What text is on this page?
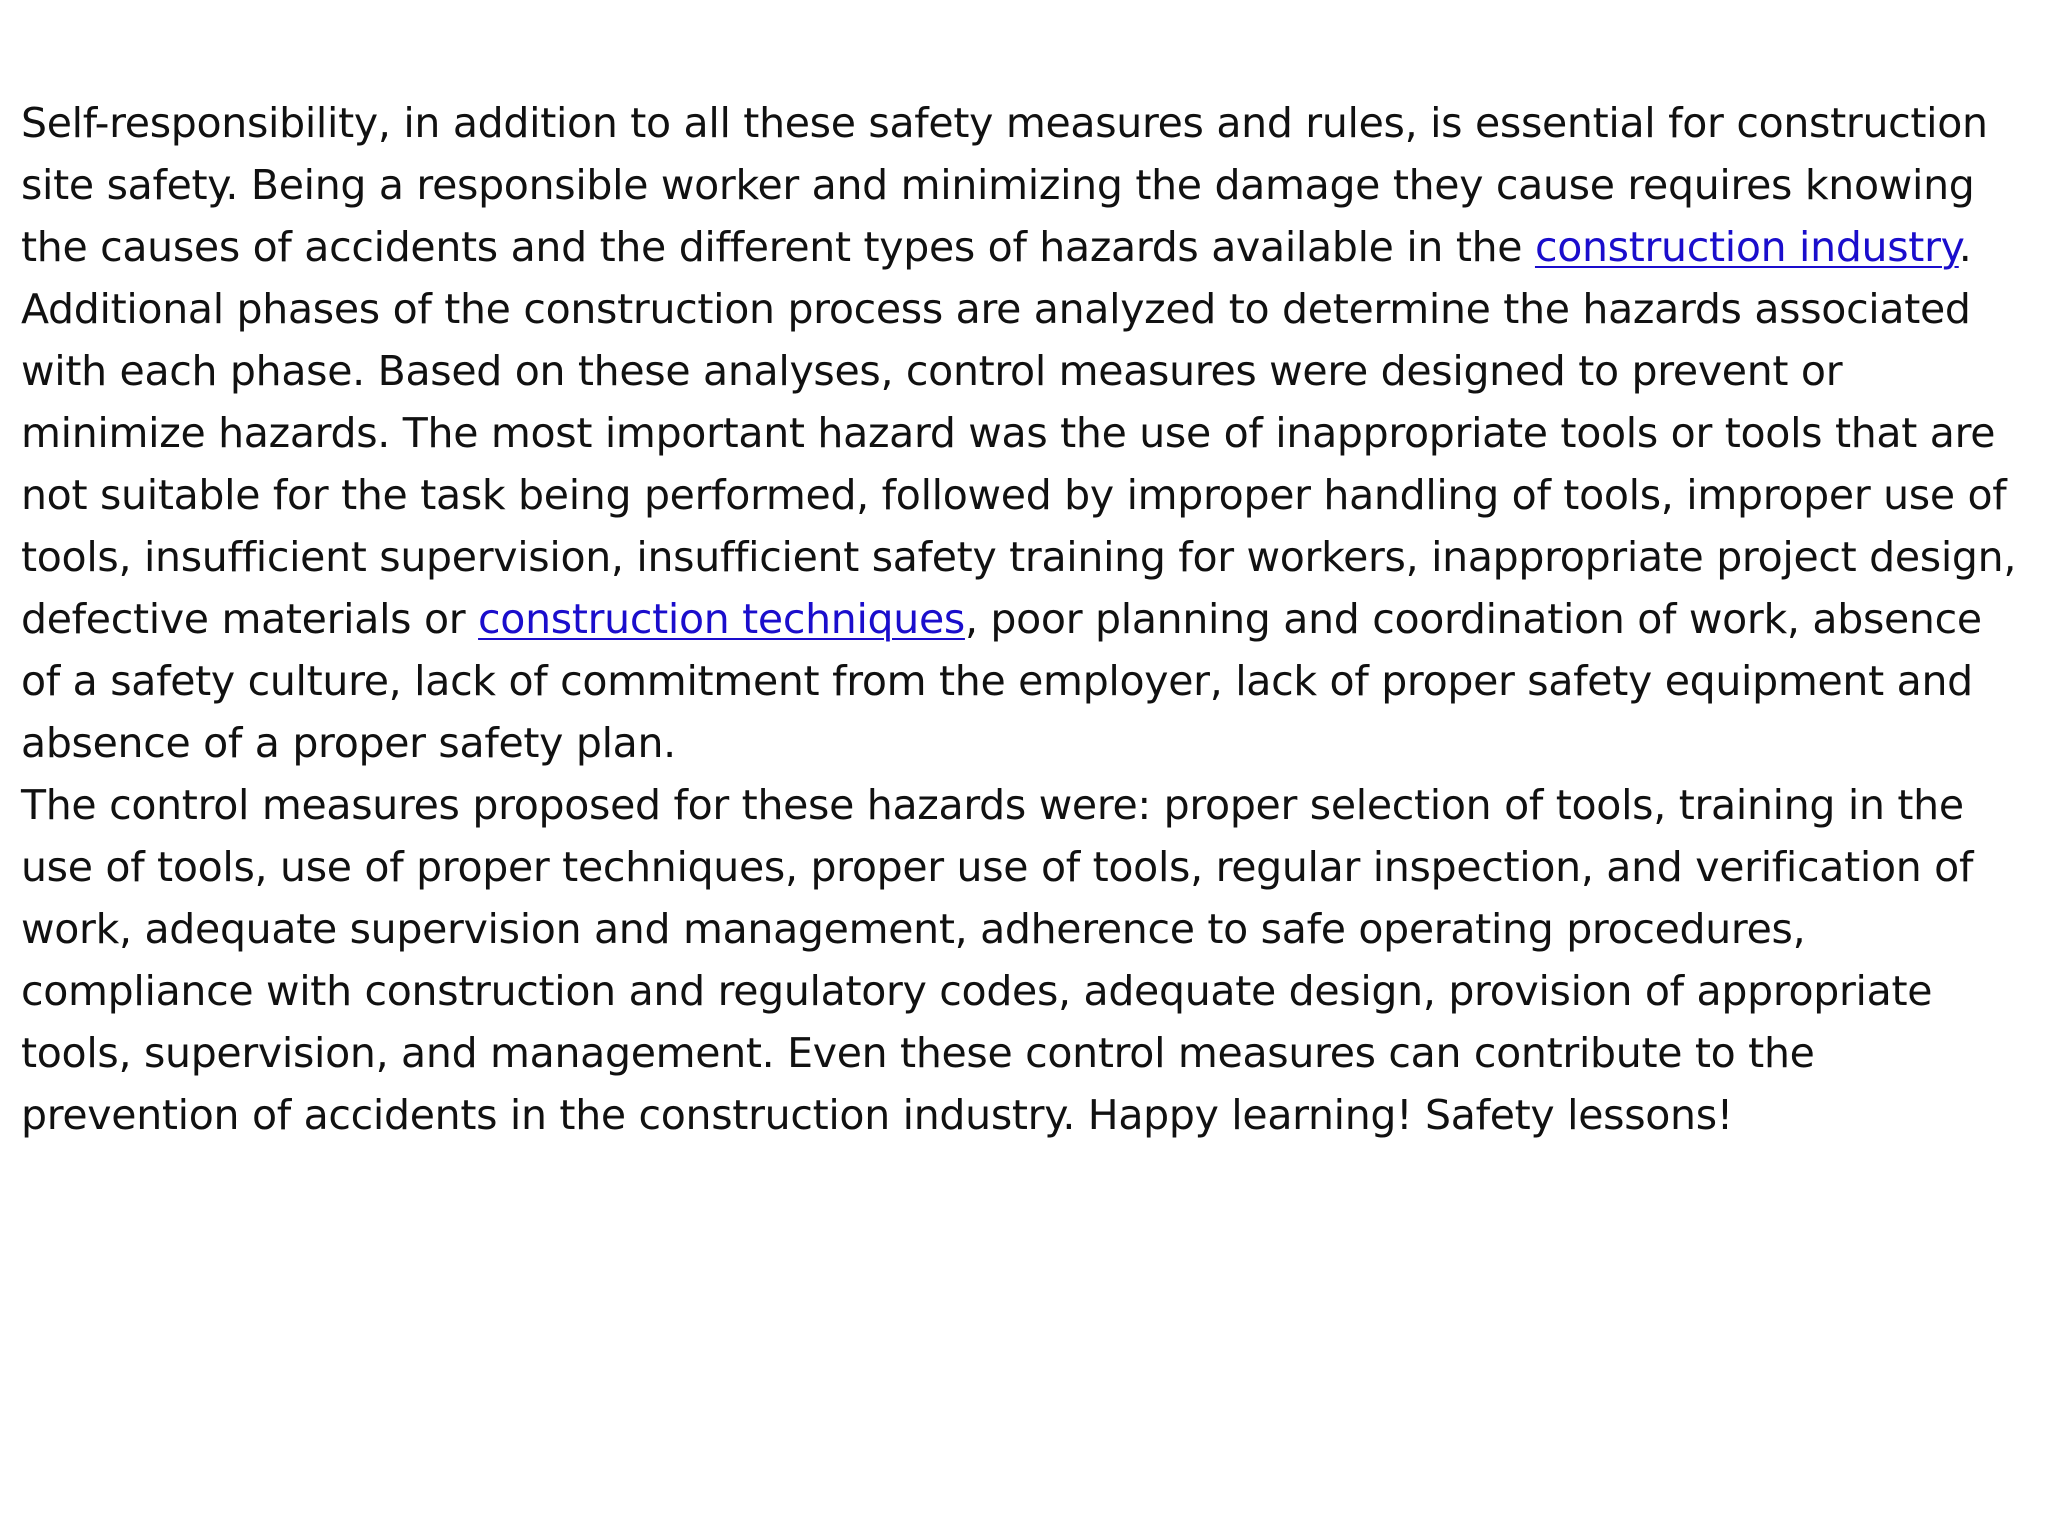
Self-responsibility, in addition to all these safety measures and rules, is essential for construction site safety. Being a responsible worker and minimizing the damage they cause requires knowing the causes of accidents and the different types of hazards available in the construction industry.

Additional phases of the construction process are analyzed to determine the hazards associated with each phase. Based on these analyses, control measures were designed to prevent or minimize hazards. The most important hazard was the use of inappropriate tools or tools that are not suitable for the task being performed, followed by improper handling of tools, improper use of tools, insufficient supervision, insufficient safety training for workers, inappropriate project design, defective materials or construction techniques, poor planning and coordination of work, absence of a safety culture, lack of commitment from the employer, lack of proper safety equipment and absence of a proper safety plan.

The control measures proposed for these hazards were: proper selection of tools, training in the use of tools, use of proper techniques, proper use of tools, regular inspection, and verification of work, adequate supervision and management, adherence to safe operating procedures, compliance with construction and regulatory codes, adequate design, provision of appropriate tools, supervision, and management. Even these control measures can contribute to the prevention of accidents in the construction industry. Happy learning! Safety lessons!
